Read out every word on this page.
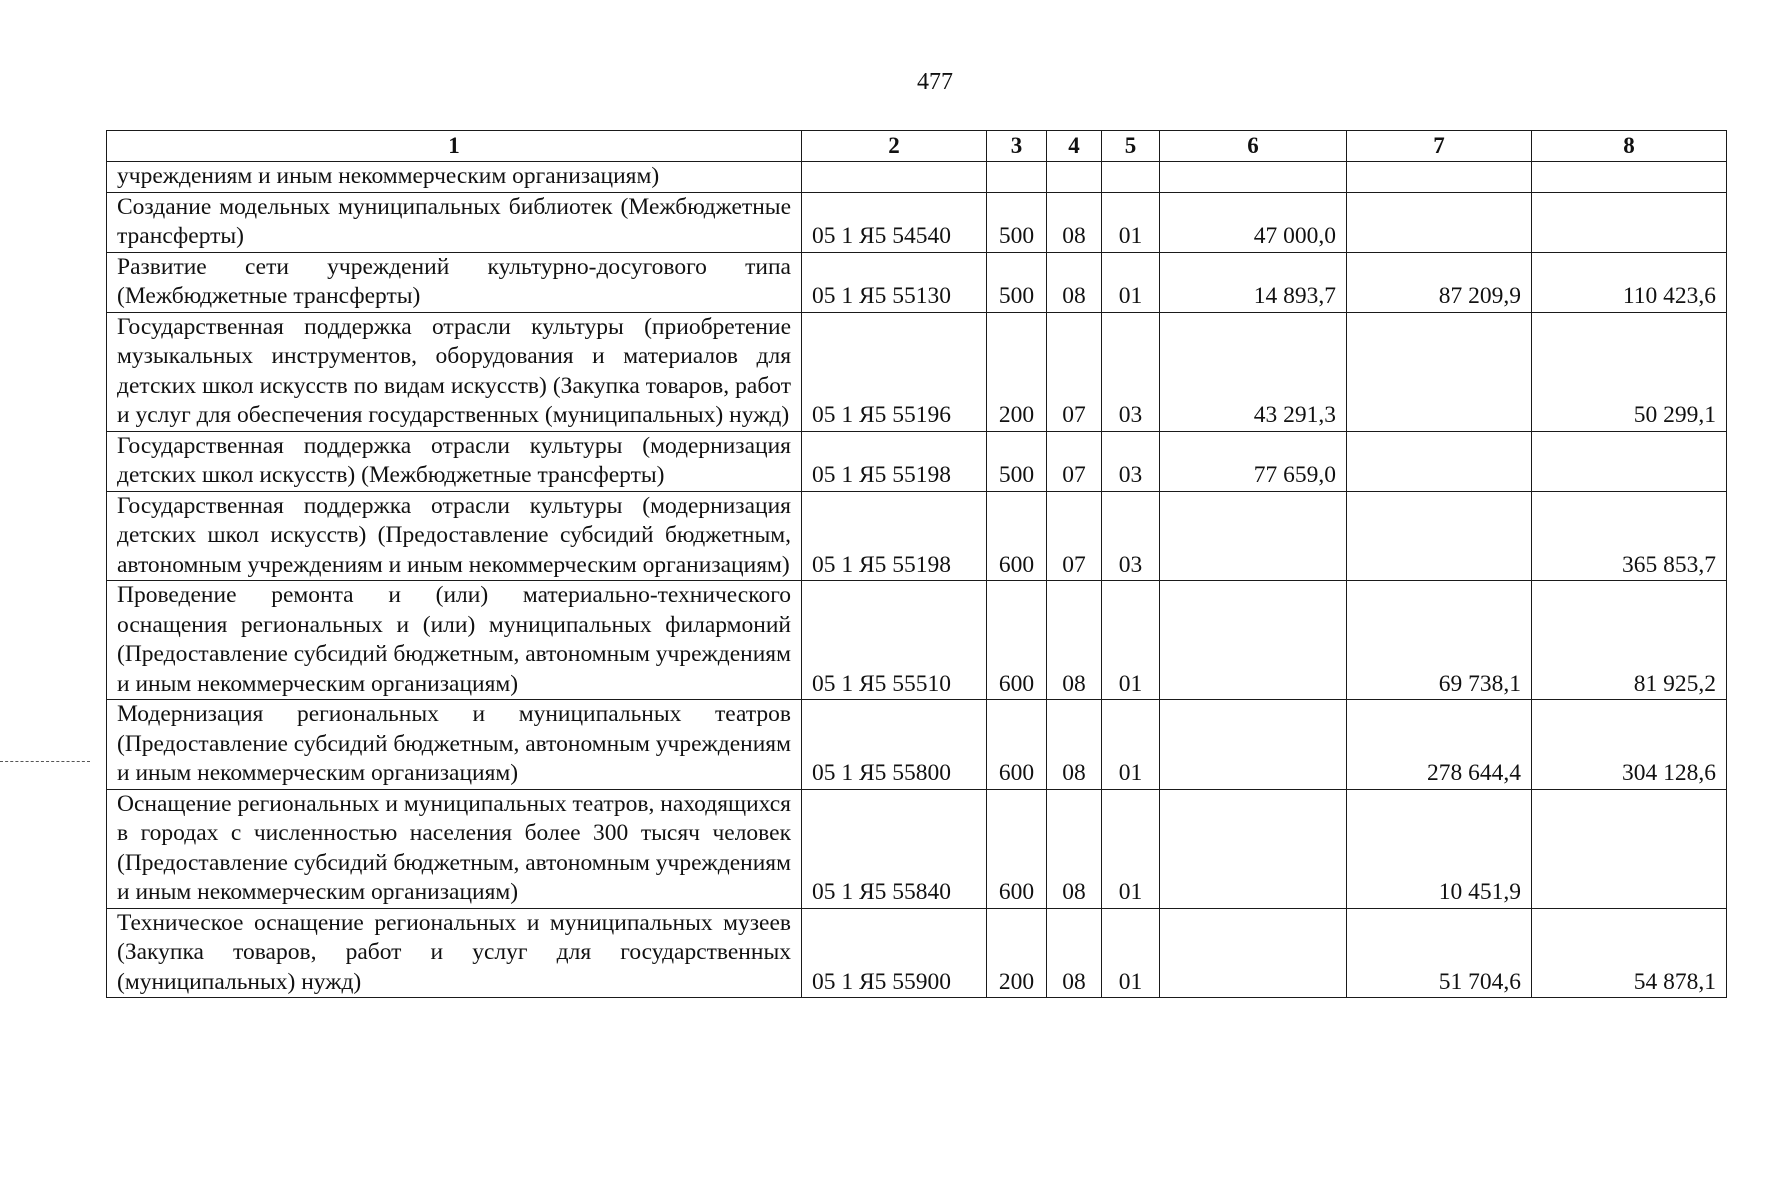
477
1	2	3	4	5	6	7	8

учреждениям и иным некоммерческим организациям)							

Создание модельных муниципальных библиотек (Межбюджетные трансферты)	05 1 Я5 54540	500	08	01	47 000,0		

Развитие сети учреждений культурно-досугового типа (Межбюджетные трансферты)	05 1 Я5 55130	500	08	01	14 893,7	87 209,9	110 423,6

Государственная поддержка отрасли культуры (приобретение музыкальных инструментов, оборудования и материалов для детских школ искусств по видам искусств) (Закупка товаров, работ и услуг для обеспечения государственных (муниципальных) нужд)	05 1 Я5 55196	200	07	03	43 291,3		50 299,1

Государственная поддержка отрасли культуры (модернизация детских школ искусств) (Межбюджетные трансферты)	05 1 Я5 55198	500	07	03	77 659,0		

Государственная поддержка отрасли культуры (модернизация детских школ искусств) (Предоставление субсидий бюджетным, автономным учреждениям и иным некоммерческим организациям)	05 1 Я5 55198	600	07	03			365 853,7

Проведение ремонта и (или) материально-технического оснащения региональных и (или) муниципальных филармоний (Предоставление субсидий бюджетным, автономным учреждениям и иным некоммерческим организациям)	05 1 Я5 55510	600	08	01		69 738,1	81 925,2

Модернизация региональных и муниципальных театров (Предоставление субсидий бюджетным, автономным учреждениям и иным некоммерческим организациям)	05 1 Я5 55800	600	08	01		278 644,4	304 128,6

Оснащение региональных и муниципальных театров, находящихся в городах с численностью населения более 300 тысяч человек (Предоставление субсидий бюджетным, автономным учреждениям и иным некоммерческим организациям)	05 1 Я5 55840	600	08	01		10 451,9	

Техническое оснащение региональных и муниципальных музеев (Закупка товаров, работ и услуг для государственных (муниципальных) нужд)	05 1 Я5 55900	200	08	01		51 704,6	54 878,1
